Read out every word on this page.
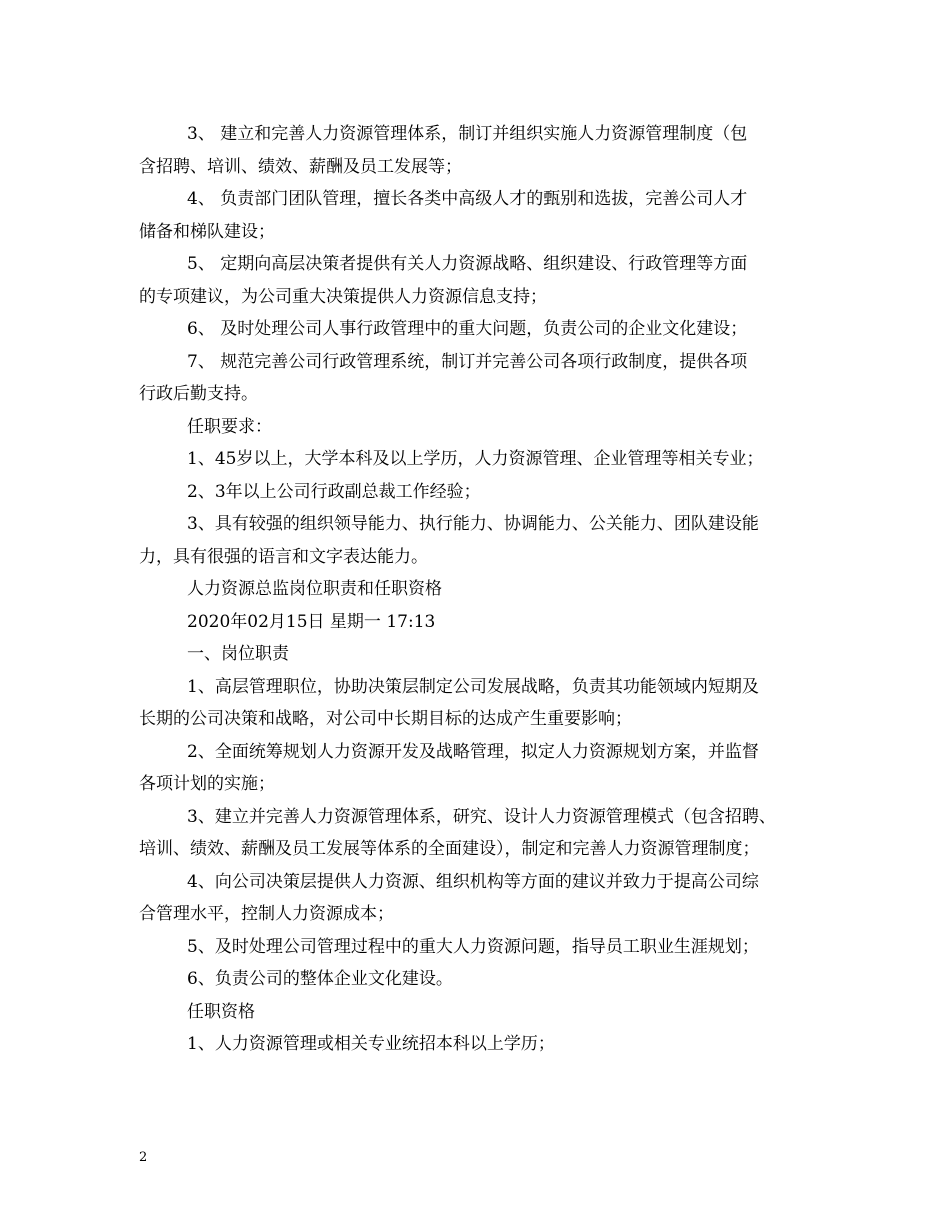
3、 建立和完善人力资源管理体系，制订并组织实施人力资源管理制度（包
含招聘、培训、绩效、薪酬及员工发展等；
4、 负责部门团队管理，擅长各类中高级人才的甄别和选拔，完善公司人才
储备和梯队建设；
5、 定期向高层决策者提供有关人力资源战略、组织建设、行政管理等方面
的专项建议，为公司重大决策提供人力资源信息支持；
6、 及时处理公司人事行政管理中的重大问题，负责公司的企业文化建设；
7、 规范完善公司行政管理系统，制订并完善公司各项行政制度，提供各项
行政后勤支持。
任职要求：
1、45岁以上，大学本科及以上学历，人力资源管理、企业管理等相关专业；
2、3年以上公司行政副总裁工作经验；
3、具有较强的组织领导能力、执行能力、协调能力、公关能力、团队建设能
力，具有很强的语言和文字表达能力。
人力资源总监岗位职责和任职资格
2020年02月15日 星期一 17:13
一、岗位职责
1、高层管理职位，协助决策层制定公司发展战略，负责其功能领域内短期及
长期的公司决策和战略，对公司中长期目标的达成产生重要影响；
2、全面统筹规划人力资源开发及战略管理，拟定人力资源规划方案，并监督
各项计划的实施；
3、建立并完善人力资源管理体系，研究、设计人力资源管理模式（包含招聘、
培训、绩效、薪酬及员工发展等体系的全面建设），制定和完善人力资源管理制度；
4、向公司决策层提供人力资源、组织机构等方面的建议并致力于提高公司综
合管理水平，控制人力资源成本；
5、及时处理公司管理过程中的重大人力资源问题，指导员工职业生涯规划；
6、负责公司的整体企业文化建设。
任职资格
1、人力资源管理或相关专业统招本科以上学历；
2
